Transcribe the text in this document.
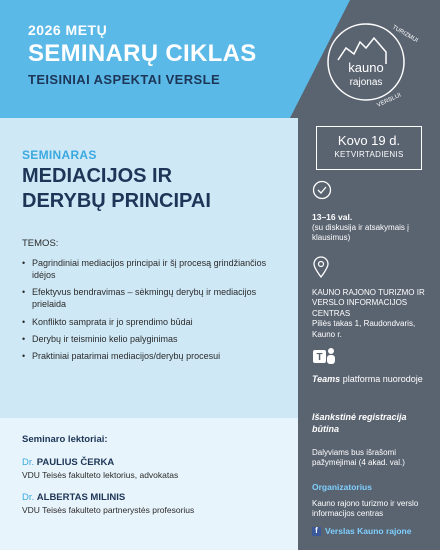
2026 METŲ
SEMINARŲ CIKLAS
TEISINIAI ASPEKTAI VERSLE
kauno
rajonas
TURIZMUI
VERSLUI
SEMINARAS
MEDIACIJOS IR
DERYBŲ PRINCIPAI
TEMOS:
• Pagrindiniai mediacijos principai ir šį procesą grindžiančios idėjos
• Efektyvus bendravimas – sėkmingų derybų ir mediacijos prielaida
• Konflikto samprata ir jo sprendimo būdai
• Derybų ir teisminio kelio palyginimas
• Praktiniai patarimai mediacijos/derybų procesui
Seminaro lektoriai:
Dr. PAULIUS ČERKA
VDU Teisės fakulteto lektorius, advokatas
Dr. ALBERTAS MILINIS
VDU Teisės fakulteto partnerystės profesorius
Kovo 19 d.
KETVIRTADIENIS
13–16 val.
(su diskusija ir atsakymais į klausimus)
KAUNO RAJONO TURIZMO IR VERSLO INFORMACIJOS CENTRAS
Piliės takas 1, Raudondvaris, Kauno r.
T
Teams platforma nuorodoje
Išankstinė registracija būtina
Dalyviams bus išrašomi pažymėjimai (4 akad. val.)
Organizatorius
Kauno rajono turizmo ir verslo informacijos centras
f Verslas Kauno rajone
